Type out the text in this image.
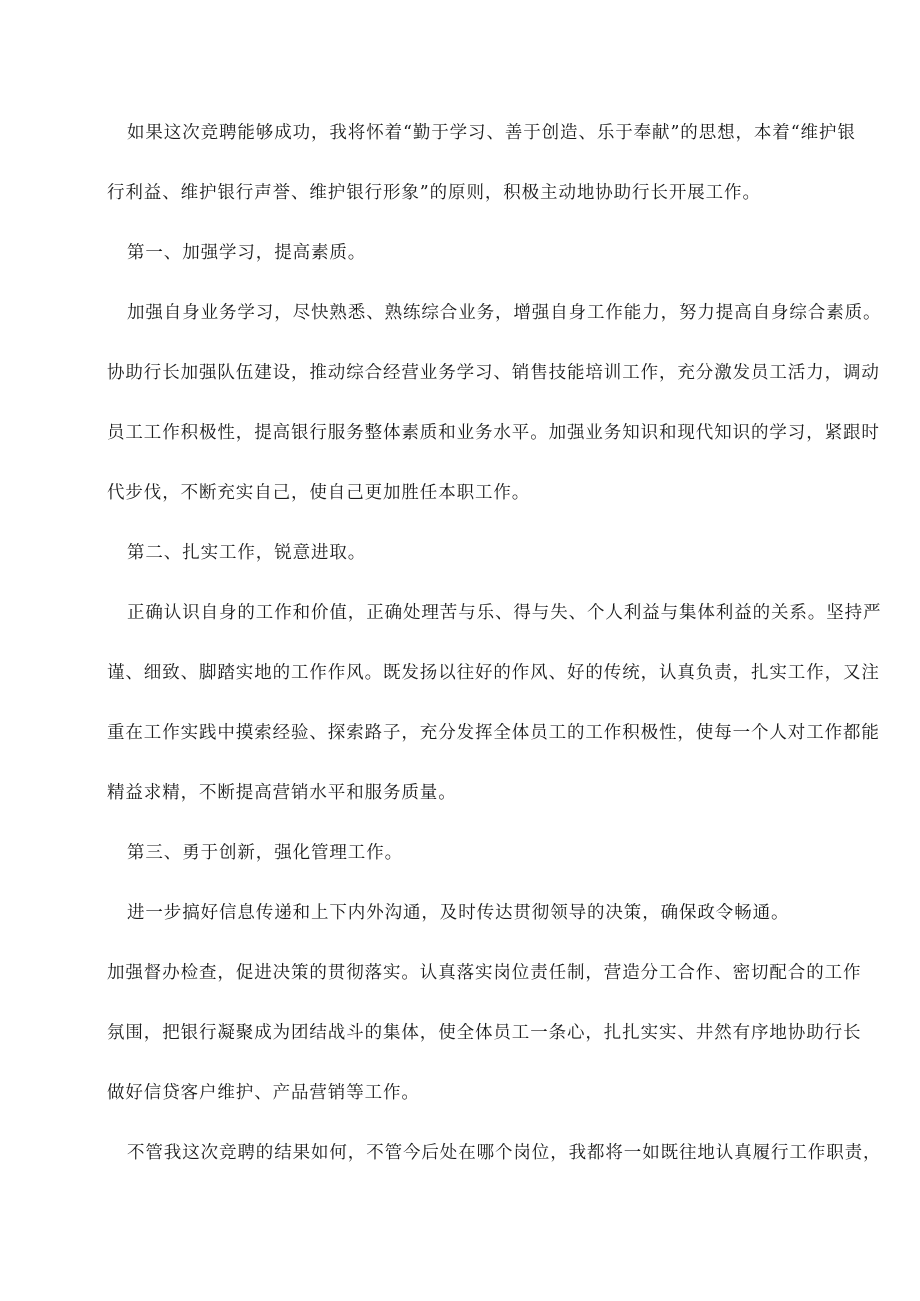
如果这次竞聘能够成功，我将怀着“勤于学习、善于创造、乐于奉献”的思想，本着“维护银
行利益、维护银行声誉、维护银行形象”的原则，积极主动地协助行长开展工作。
第一、加强学习，提高素质。
加强自身业务学习，尽快熟悉、熟练综合业务，增强自身工作能力，努力提高自身综合素质。
协助行长加强队伍建设，推动综合经营业务学习、销售技能培训工作，充分激发员工活力，调动
员工工作积极性，提高银行服务整体素质和业务水平。加强业务知识和现代知识的学习，紧跟时
代步伐，不断充实自己，使自己更加胜任本职工作。
第二、扎实工作，锐意进取。
正确认识自身的工作和价值，正确处理苦与乐、得与失、个人利益与集体利益的关系。坚持严
谨、细致、脚踏实地的工作作风。既发扬以往好的作风、好的传统，认真负责，扎实工作，又注
重在工作实践中摸索经验、探索路子，充分发挥全体员工的工作积极性，使每一个人对工作都能
精益求精，不断提高营销水平和服务质量。
第三、勇于创新，强化管理工作。
进一步搞好信息传递和上下内外沟通，及时传达贯彻领导的决策，确保政令畅通。
加强督办检查，促进决策的贯彻落实。认真落实岗位责任制，营造分工合作、密切配合的工作
氛围，把银行凝聚成为团结战斗的集体，使全体员工一条心，扎扎实实、井然有序地协助行长
做好信贷客户维护、产品营销等工作。
不管我这次竞聘的结果如何，不管今后处在哪个岗位，我都将一如既往地认真履行工作职责，
